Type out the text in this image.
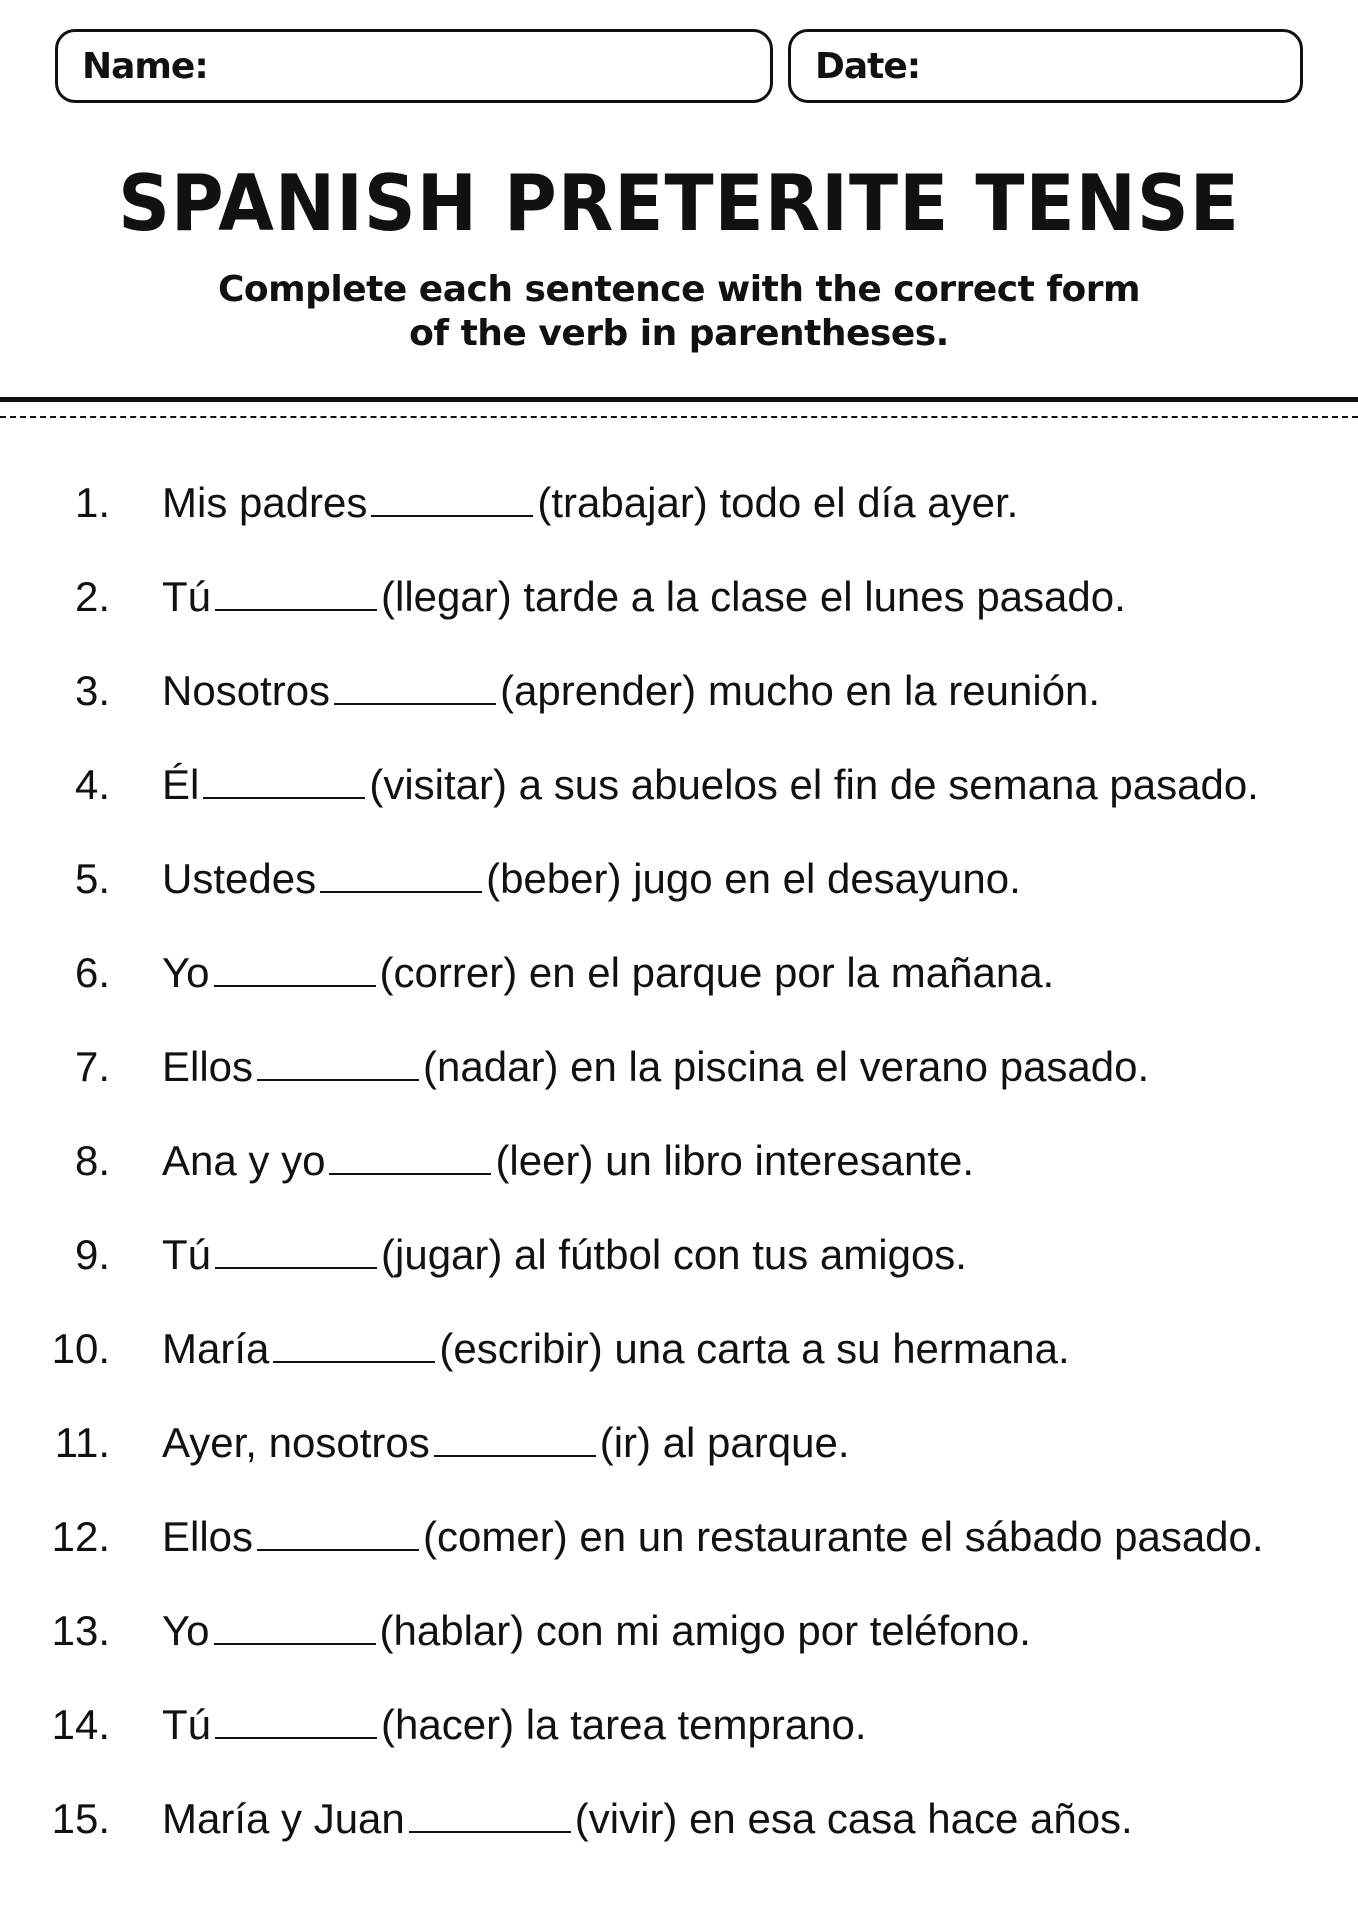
Name:	Date:
SPANISH PRETERITE TENSE
Complete each sentence with the correct form
of the verb in parentheses.
1. Mis padres	(trabajar) todo el día ayer.
2. Tú	(llegar) tarde a la clase el lunes pasado.
3. Nosotros	(aprender) mucho en la reunión.
4. Él	(visitar) a sus abuelos el fin de semana pasado.
5. Ustedes	(beber) jugo en el desayuno.
6. Yo	(correr) en el parque por la mañana.
7. Ellos	(nadar) en la piscina el verano pasado.
8. Ana y yo	(leer) un libro interesante.
9. Tú	(jugar) al fútbol con tus amigos.
10. María	(escribir) una carta a su hermana.
11. Ayer, nosotros	(ir) al parque.
12. Ellos	(comer) en un restaurante el sábado pasado.
13. Yo	(hablar) con mi amigo por teléfono.
14. Tú	(hacer) la tarea temprano.
15. María y Juan	(vivir) en esa casa hace años.
